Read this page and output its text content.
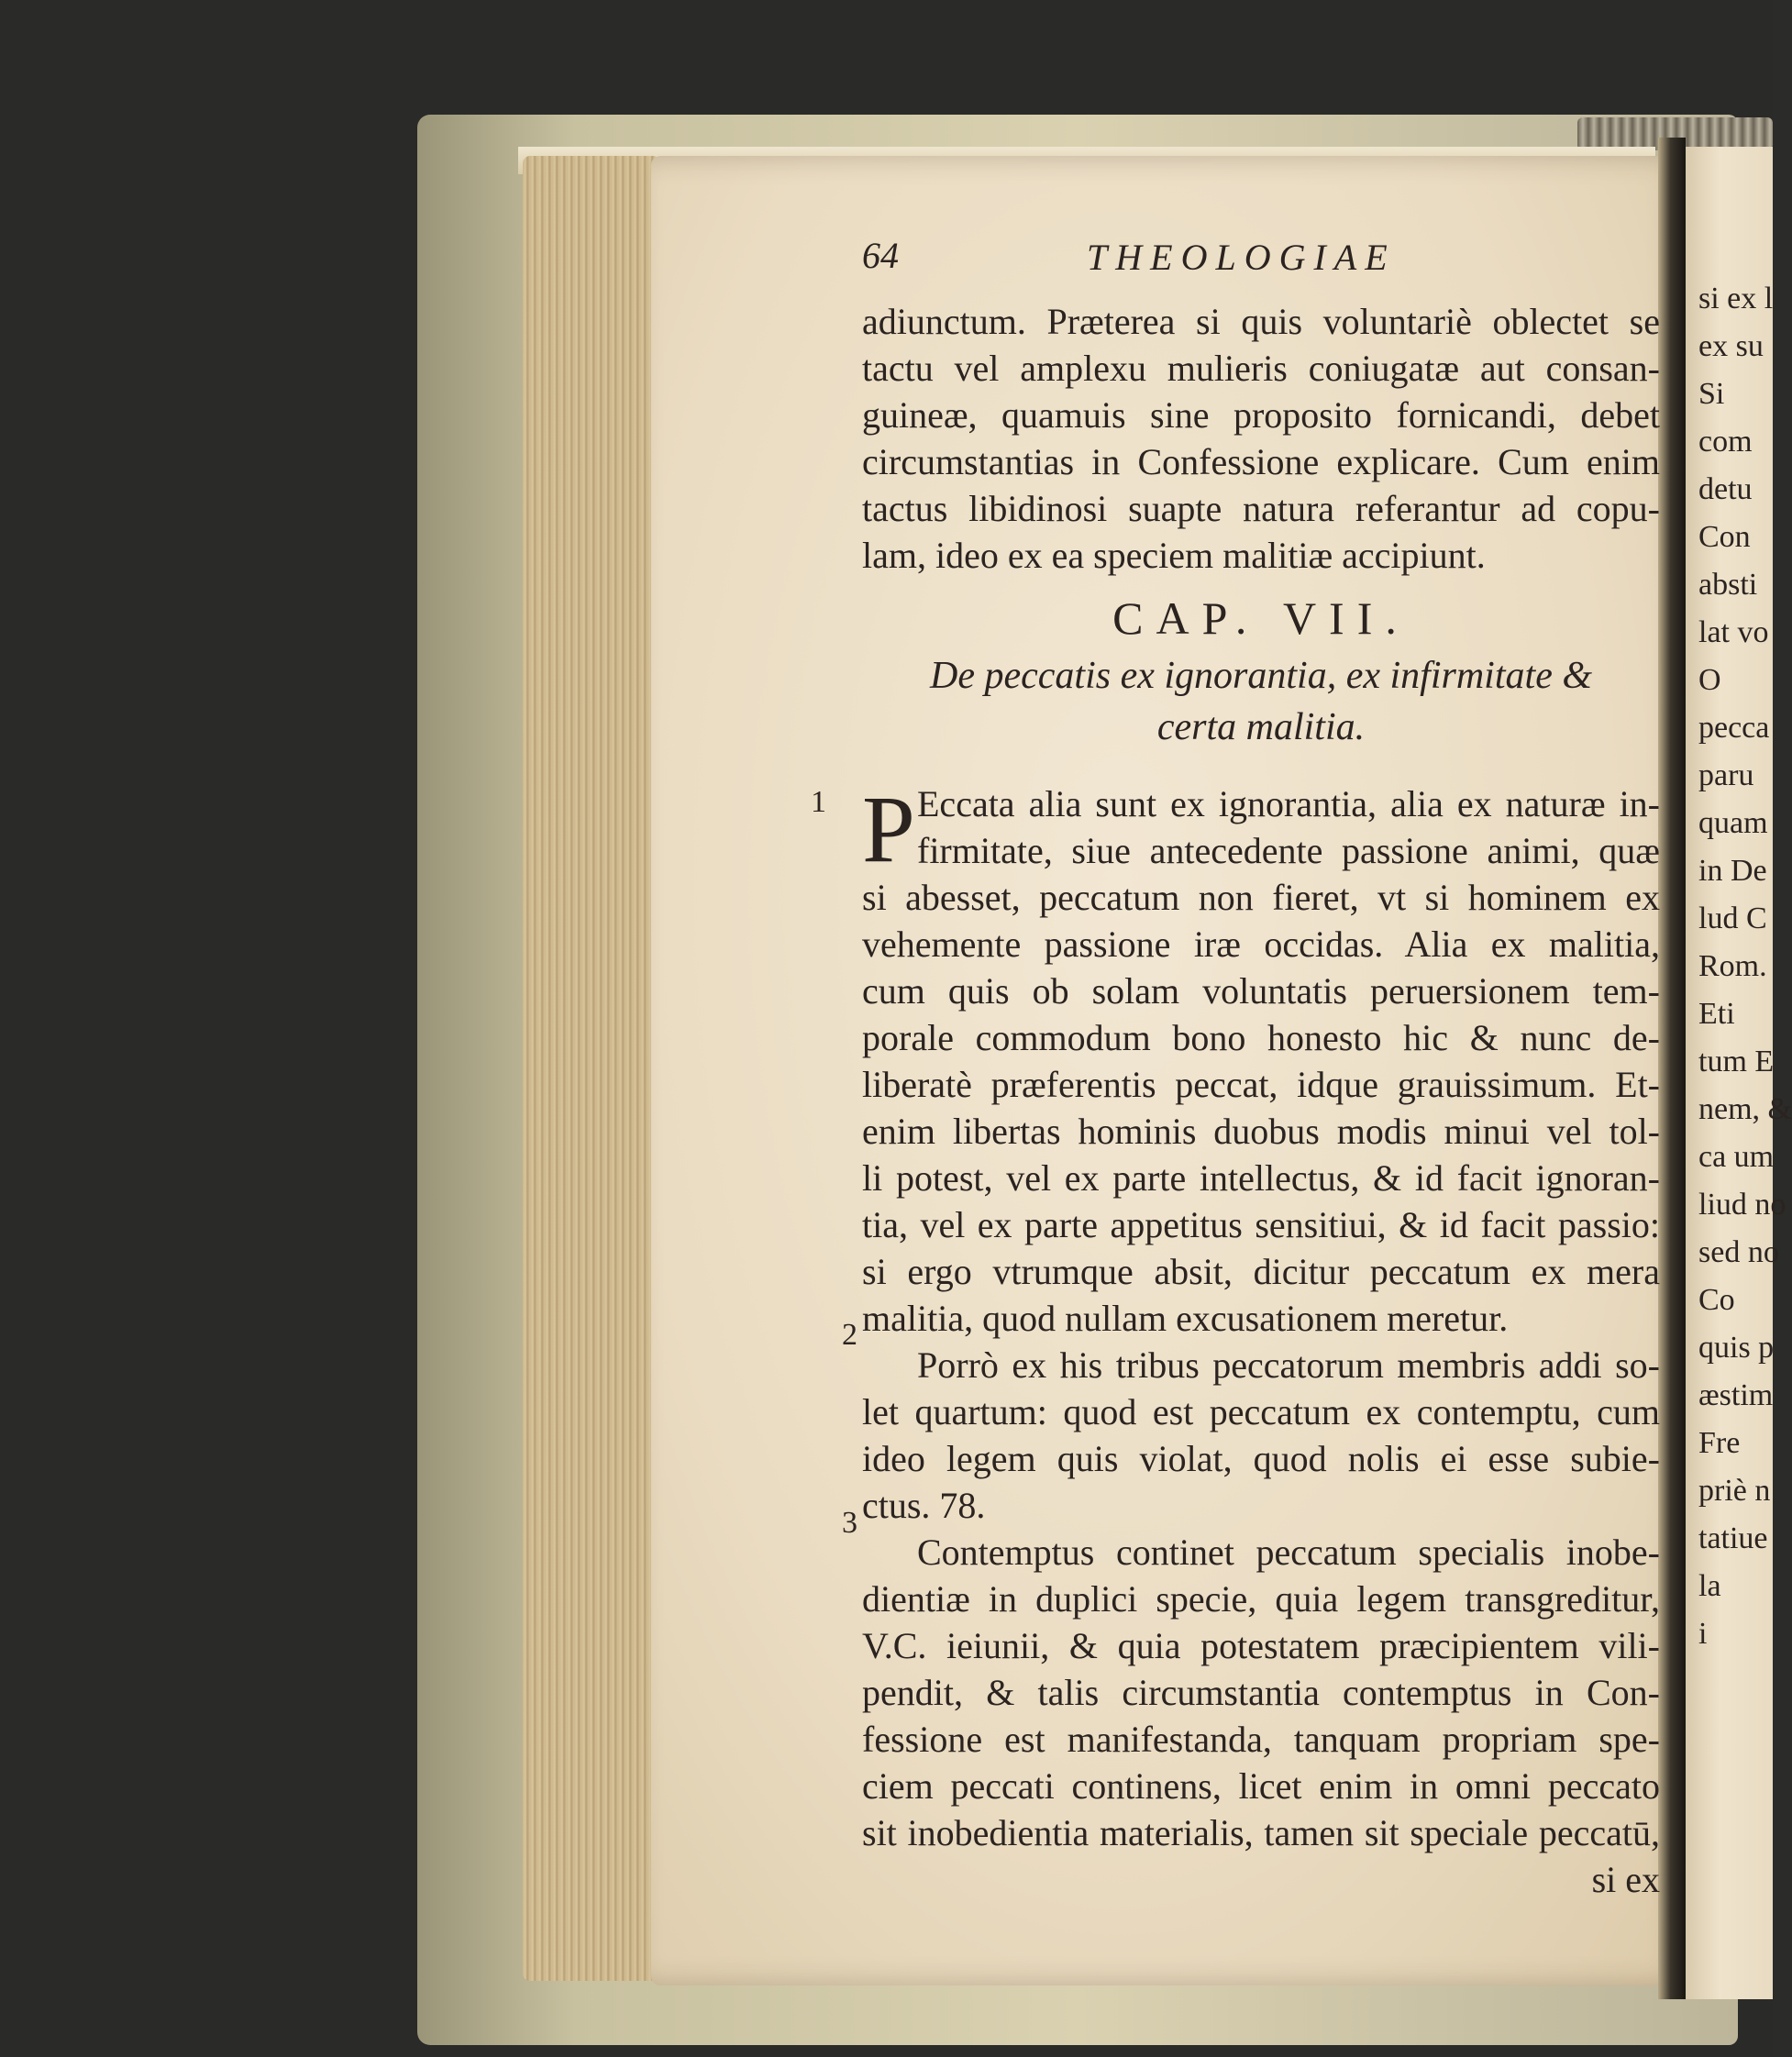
64	THEOLOGIAE
adiunctum. Præterea si quis voluntariè oblectet se
tactu vel amplexu mulieris coniugatæ aut consan-
guineæ, quamuis sine proposito fornicandi, debet
circumstantias in Confessione explicare. Cum enim
tactus libidinosi suapte natura referantur ad copu-
lam, ideo ex ea speciem malitiæ accipiunt.
CAP. VII.
De peccatis ex ignorantia, ex infirmitate &
certa malitia.
P Eccata alia sunt ex ignorantia, alia ex naturæ in-
firmitate, siue antecedente passione animi, quæ
si abesset, peccatum non fieret, vt si hominem ex
vehemente passione iræ occidas. Alia ex malitia,
cum quis ob solam voluntatis peruersionem tem-
porale commodum bono honesto hic & nunc de-
liberatè præferentis peccat, idque grauissimum. Et-
enim libertas hominis duobus modis minui vel tol-
li potest, vel ex parte intellectus, & id facit ignoran-
tia, vel ex parte appetitus sensitiui, & id facit passio:
si ergo vtrumque absit, dicitur peccatum ex mera
malitia, quod nullam excusationem meretur.
Porrò ex his tribus peccatorum membris addi so-
let quartum: quod est peccatum ex contemptu, cum
ideo legem quis violat, quod nolis ei esse subie-
ctus. 78.
Contemptus continet peccatum specialis inobe-
dientiæ in duplici specie, quia legem transgreditur,
V.C. ieiunii, & quia potestatem præcipientem vili-
pendit, & talis circumstantia contemptus in Con-
fessione est manifestanda, tanquam propriam spe-
ciem peccati continens, licet enim in omni peccato
sit inobedientia materialis, tamen sit speciale peccatū,
si ex
1
2
3
si ex l
ex su
Si
com
detu
Con
absti
lat vo
O
pecca
paru
quam
in De
lud C
Rom.
Eti
tum E
nem, &
ca um
liud no
sed no
Co
quis p
æstim
Fre
priè n
tatiue
la
i
